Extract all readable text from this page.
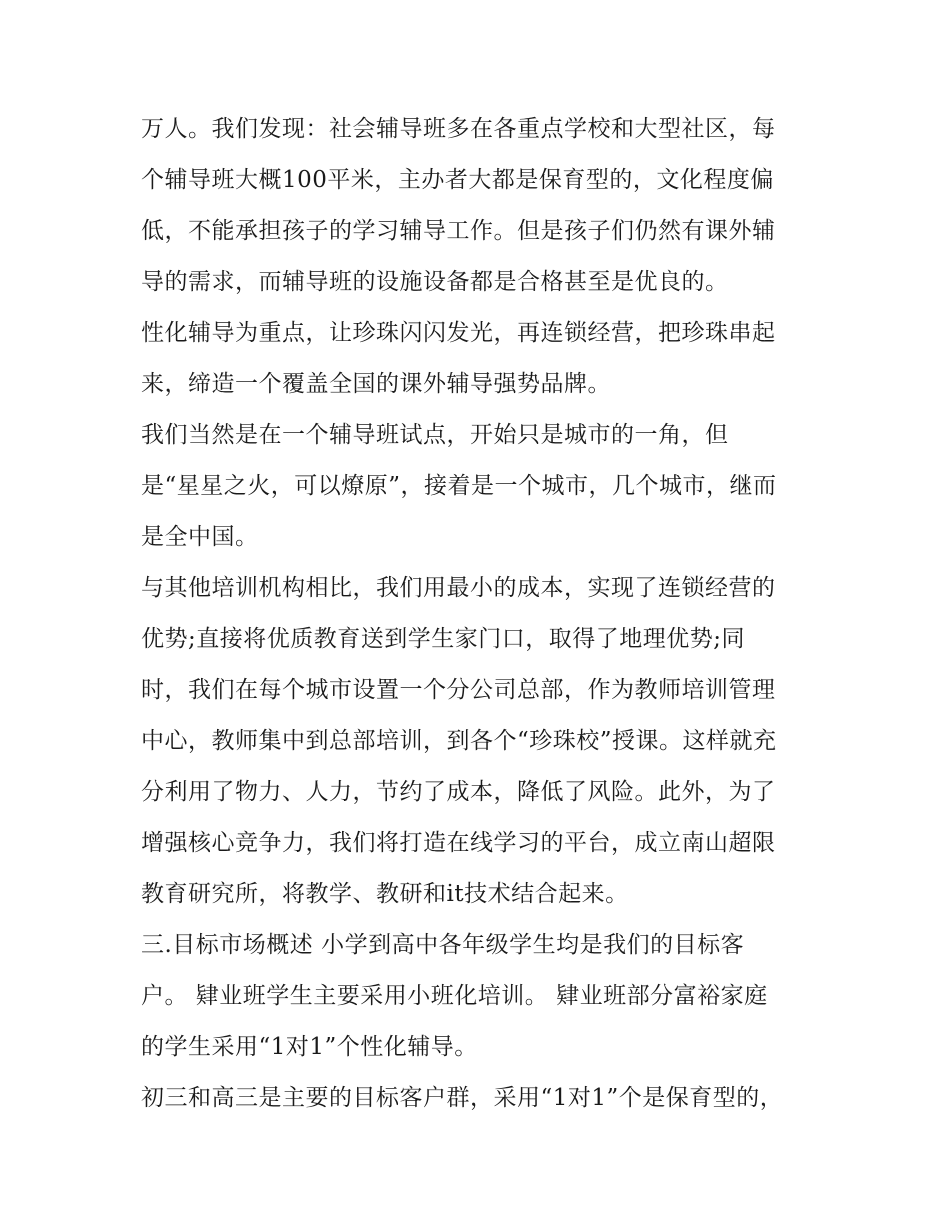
万人。我们发现：社会辅导班多在各重点学校和大型社区，每
个辅导班大概100平米，主办者大都是保育型的，文化程度偏
低，不能承担孩子的学习辅导工作。但是孩子们仍然有课外辅
导的需求，而辅导班的设施设备都是合格甚至是优良的。
性化辅导为重点，让珍珠闪闪发光，再连锁经营，把珍珠串起
来，缔造一个覆盖全国的课外辅导强势品牌。
我们当然是在一个辅导班试点，开始只是城市的一角，但
是“星星之火，可以燎原”，接着是一个城市，几个城市，继而
是全中国。
与其他培训机构相比，我们用最小的成本，实现了连锁经营的
优势;直接将优质教育送到学生家门口，取得了地理优势;同
时，我们在每个城市设置一个分公司总部，作为教师培训管理
中心，教师集中到总部培训，到各个“珍珠校”授课。这样就充
分利用了物力、人力，节约了成本，降低了风险。此外，为了
增强核心竞争力，我们将打造在线学习的平台，成立南山超限
教育研究所，将教学、教研和it技术结合起来。
三.目标市场概述 小学到高中各年级学生均是我们的目标客
户。 肄业班学生主要采用小班化培训。 肄业班部分富裕家庭
的学生采用“1对1”个性化辅导。
初三和高三是主要的目标客户群，采用“1对1”个是保育型的，
